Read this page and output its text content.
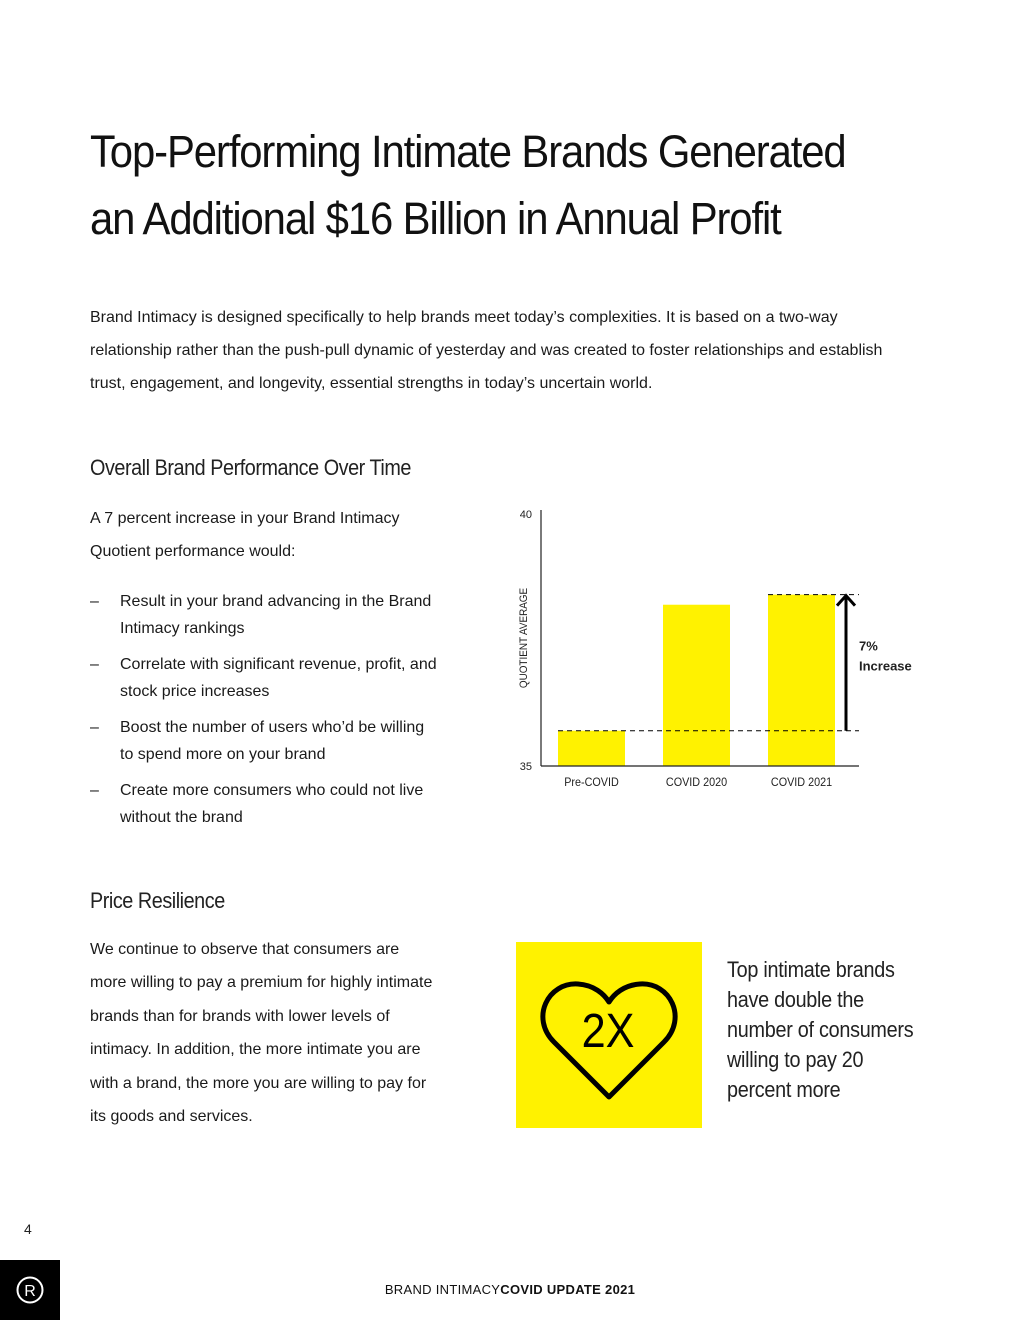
Top-Performing Intimate Brands Generated
an Additional $16 Billion in Annual Profit

Brand Intimacy is designed specifically to help brands meet today’s complexities. It is based on a two-way relationship rather than the push-pull dynamic of yesterday and was created to foster relationships and establish trust, engagement, and longevity, essential strengths in today’s uncertain world.

Overall Brand Performance Over Time

A 7 percent increase in your Brand Intimacy Quotient performance would:

– Result in your brand advancing in the Brand Intimacy rankings
– Correlate with significant revenue, profit, and stock price increases
– Boost the number of users who’d be willing to spend more on your brand
– Create more consumers who could not live without the brand
35
40
QUOTIENT AVERAGE
Pre-COVID	COVID 2020	COVID 2021
7%
Increase
Price Resilience

We continue to observe that consumers are more willing to pay a premium for highly intimate brands than for brands with lower levels of intimacy. In addition, the more intimate you are with a brand, the more you are willing to pay for its goods and services.

2X

Top intimate brands have double the number of consumers willing to pay 20 percent more

4
R	BRAND INTIMACYCOVID UPDATE 2021
